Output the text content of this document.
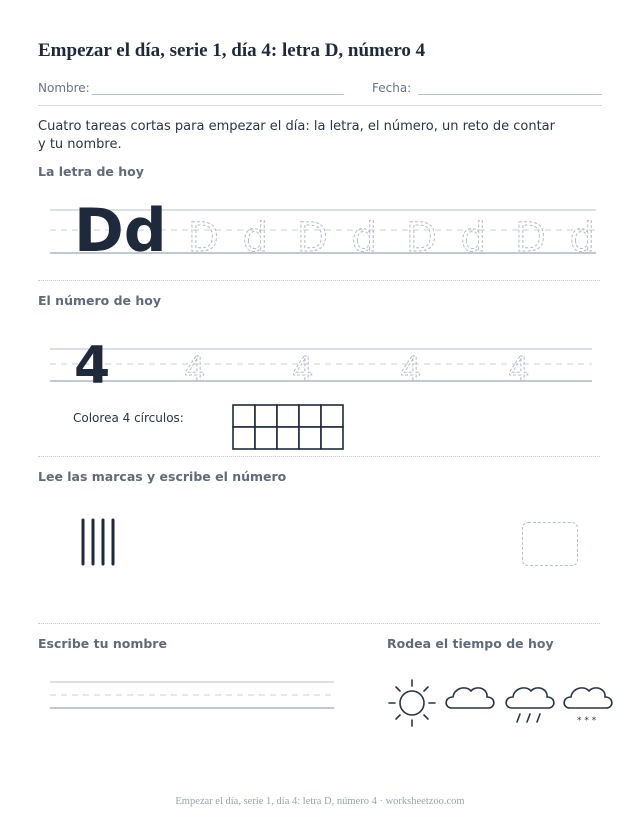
Empezar el día, serie 1, día 4: letra D, número 4
Nombre:	Fecha:
Cuatro tareas cortas para empezar el día: la letra, el número, un reto de contar y tu nombre.
La letra de hoy
Dd D d D d D d D d
El número de hoy
4 4	4	4	4
Colorea 4 círculos:
Lee las marcas y escribe el número
Escribe tu nombre	Rodea el tiempo de hoy
* * *
Empezar el día, serie 1, día 4: letra D, número 4 · worksheetzoo.com
